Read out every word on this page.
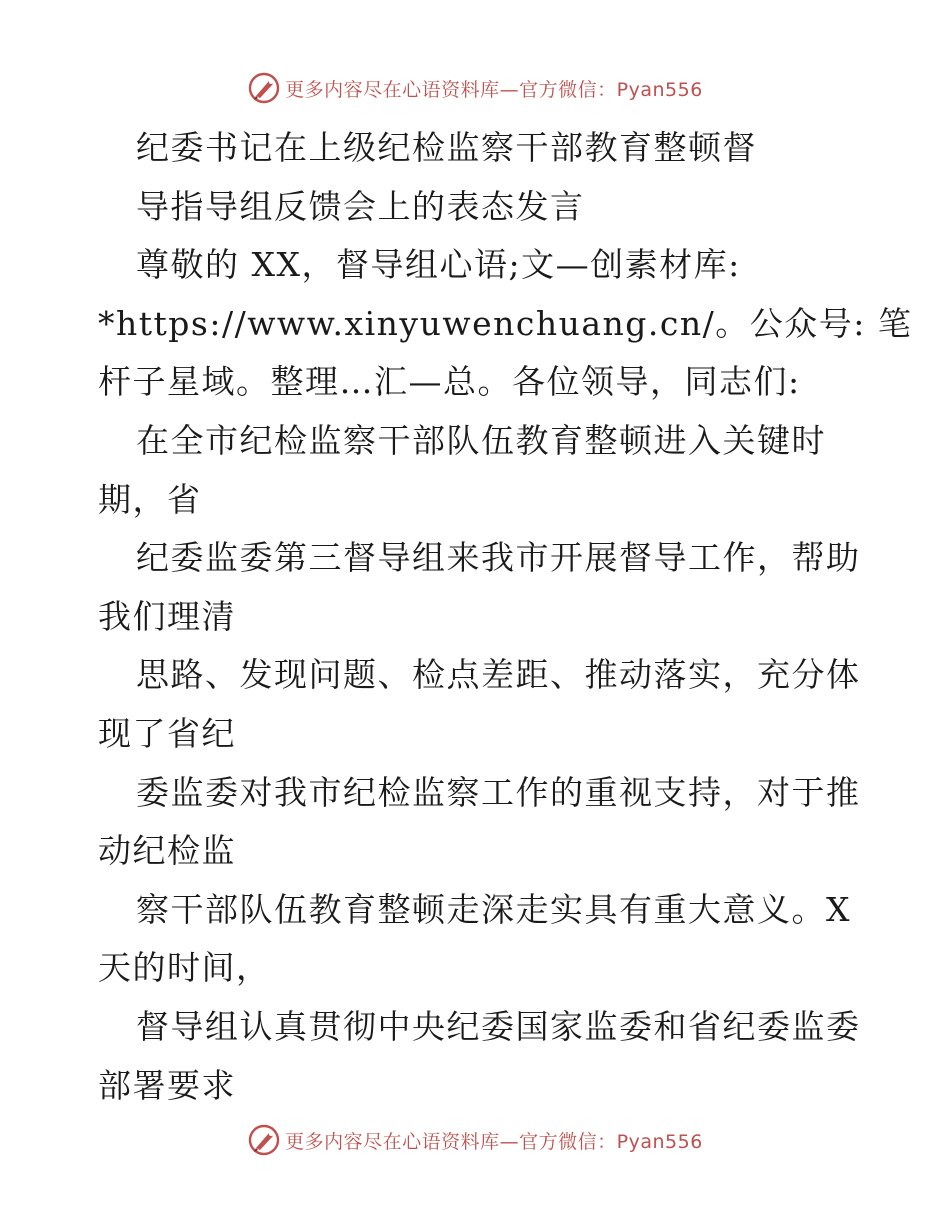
更多内容尽在心语资料库—官方微信：Pyan556
纪委书记在上级纪检监察干部教育整顿督
导指导组反馈会上的表态发言
尊敬的 XX，督导组心语;文—创素材库:
*https://www.xinyuwenchuang.cn/。公众号: 笔
杆子星域。整理…汇—总。各位领导，同志们:
在全市纪检监察干部队伍教育整顿进入关键时
期，省
纪委监委第三督导组来我市开展督导工作，帮助
我们理清
思路、发现问题、检点差距、推动落实，充分体
现了省纪
委监委对我市纪检监察工作的重视支持，对于推
动纪检监
察干部队伍教育整顿走深走实具有重大意义。X
天的时间，
督导组认真贯彻中央纪委国家监委和省纪委监委
部署要求
更多内容尽在心语资料库—官方微信：Pyan556
